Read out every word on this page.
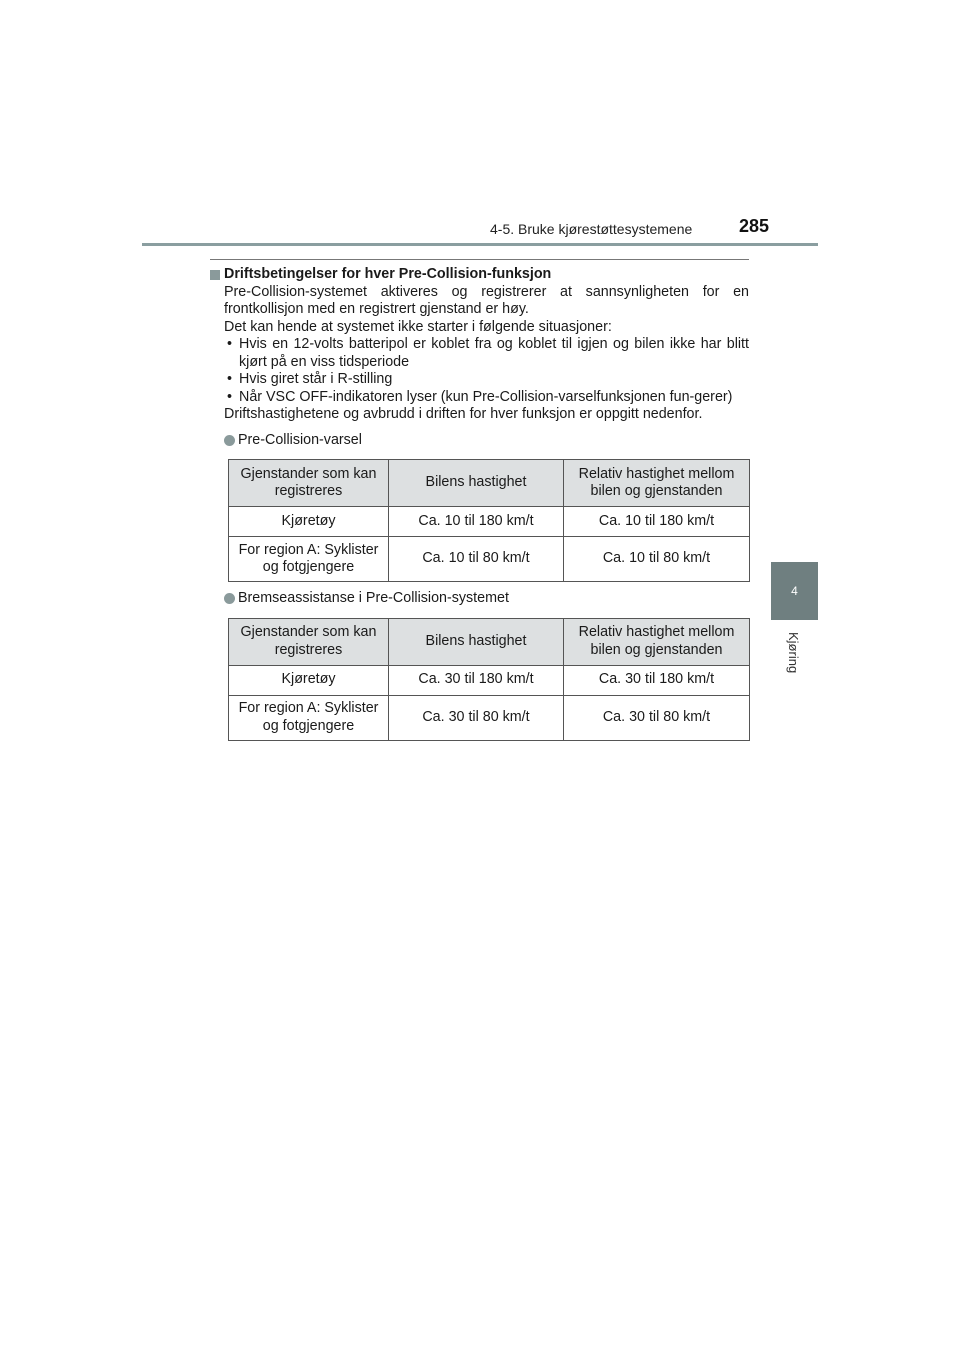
4-5. Bruke kjørestøttesystemene	285
4
Kjøring
Driftsbetingelser for hver Pre-Collision-funksjon
Pre-Collision-systemet aktiveres og registrerer at sannsynligheten for en frontkollisjon med en registrert gjenstand er høy.
Det kan hende at systemet ikke starter i følgende situasjoner:
• Hvis en 12-volts batteripol er koblet fra og koblet til igjen og bilen ikke har blitt kjørt på en viss tidsperiode
• Hvis giret står i R-stilling
• Når VSC OFF-indikatoren lyser (kun Pre-Collision-varselfunksjonen fun-gerer)
Driftshastighetene og avbrudd i driften for hver funksjon er oppgitt nedenfor.
Pre-Collision-varsel
Gjenstander som kan registreres	Bilens hastighet	Relativ hastighet mellom bilen og gjenstanden
Kjøretøy	Ca. 10 til 180 km/t	Ca. 10 til 180 km/t
For region A: Syklister og fotgjengere	Ca. 10 til 80 km/t	Ca. 10 til 80 km/t
Bremseassistanse i Pre-Collision-systemet
Gjenstander som kan registreres	Bilens hastighet	Relativ hastighet mellom bilen og gjenstanden
Kjøretøy	Ca. 30 til 180 km/t	Ca. 30 til 180 km/t
For region A: Syklister og fotgjengere	Ca. 30 til 80 km/t	Ca. 30 til 80 km/t
